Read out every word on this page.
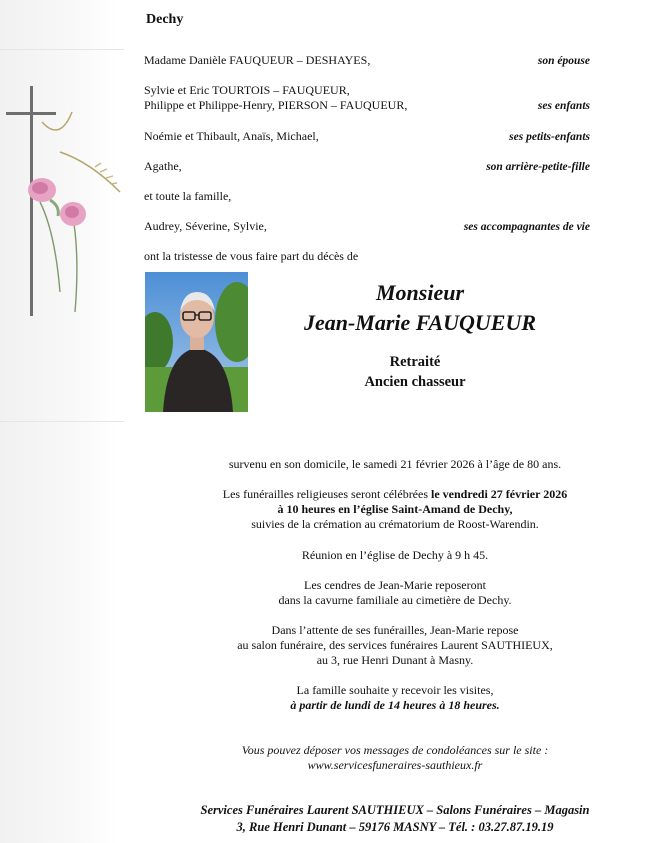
Dechy
Madame Danièle FAUQUEUR – DESHAYES,	son épouse
Sylvie et Eric TOURTOIS – FAUQUEUR,
Philippe et Philippe-Henry, PIERSON – FAUQUEUR,	ses enfants
Noémie et Thibault, Anaïs, Michael,	ses petits-enfants
Agathe,	son arrière-petite-fille
et toute la famille,
Audrey, Séverine, Sylvie,	ses accompagnantes de vie
ont la tristesse de vous faire part du décès de
Monsieur
Jean-Marie FAUQUEUR
Retraité
Ancien chasseur
survenu en son domicile, le samedi 21 février 2026 à l’âge de 80 ans.
Les funérailles religieuses seront célébrées le vendredi 27 février 2026
à 10 heures en l’église Saint-Amand de Dechy,
suivies de la crémation au crématorium de Roost-Warendin.
Réunion en l’église de Dechy à 9 h 45.
Les cendres de Jean-Marie reposeront
dans la cavurne familiale au cimetière de Dechy.
Dans l’attente de ses funérailles, Jean-Marie repose
au salon funéraire, des services funéraires Laurent SAUTHIEUX,
au 3, rue Henri Dunant à Masny.
La famille souhaite y recevoir les visites,
à partir de lundi de 14 heures à 18 heures.
Vous pouvez déposer vos messages de condoléances sur le site :
www.servicesfuneraires-sauthieux.fr
Services Funéraires Laurent SAUTHIEUX – Salons Funéraires – Magasin
3, Rue Henri Dunant – 59176 MASNY – Tél. : 03.27.87.19.19
